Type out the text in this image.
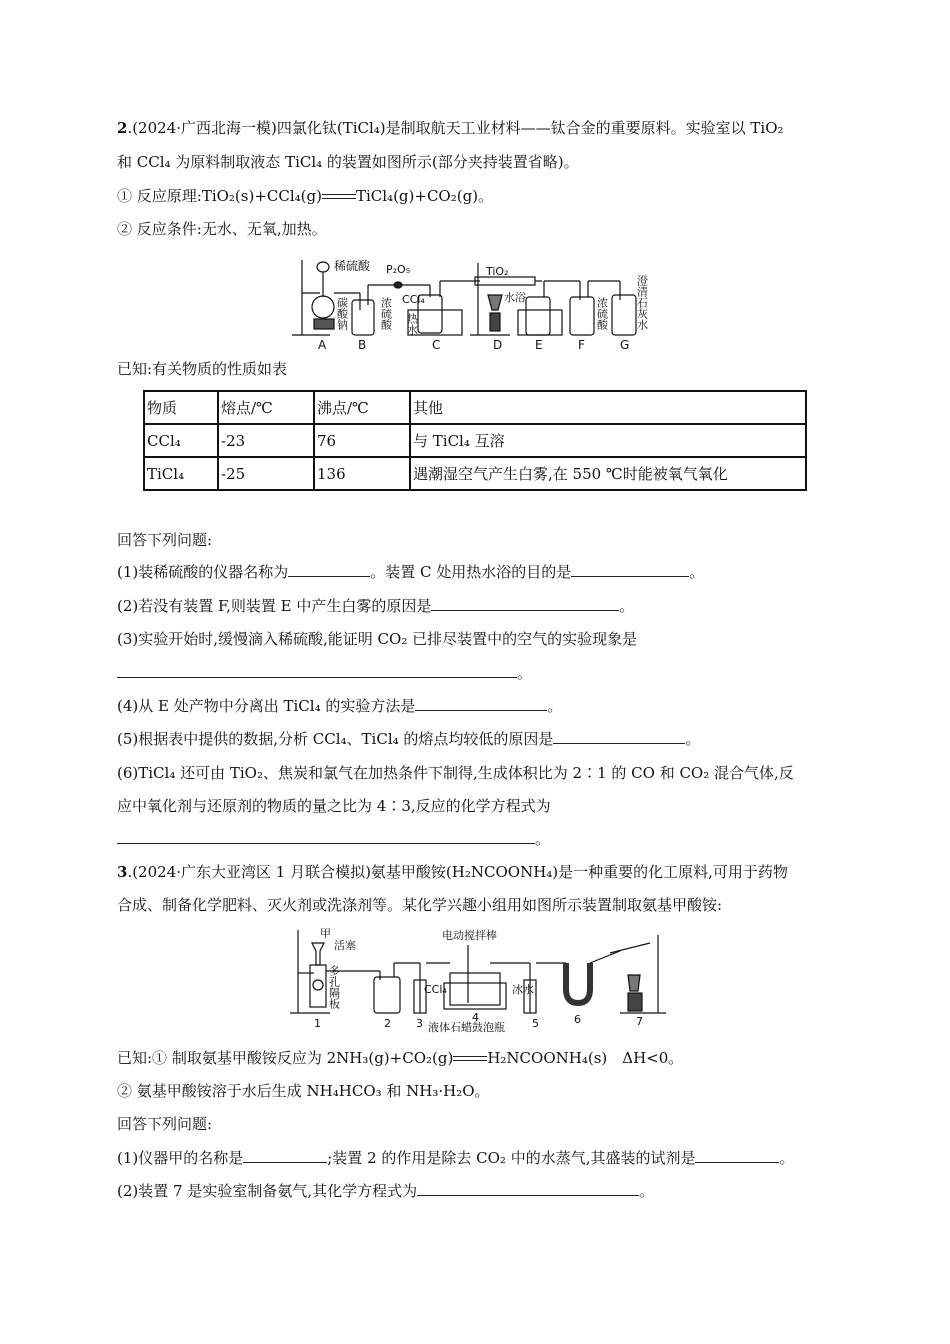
2.(2024·广西北海一模)四氯化钛(TiCl₄)是制取航天工业材料——钛合金的重要原料。实验室以 TiO₂
和 CCl₄ 为原料制取液态 TiCl₄ 的装置如图所示(部分夹持装置省略)。
① 反应原理:TiO₂(s)+CCl₄(g) TiCl₄(g)+CO₂(g)。
② 反应条件:无水、无氧,加热。
稀硫酸 P₂O₅	TiO₂
澄清石灰水
碳酸钠	浓硫酸 CCl₄
热水
水浴	浓硫酸
A	B	C	D	E	F	G
已知:有关物质的性质如表
物质	熔点/℃	沸点/℃	其他
CCl₄	-23	76	与 TiCl₄ 互溶
TiCl₄	-25	136	遇潮湿空气产生白雾,在 550 ℃时能被氧气氧化
回答下列问题:
(1)装稀硫酸的仪器名称为	。装置 C 处用热水浴的目的是	。
(2)若没有装置 F,则装置 E 中产生白雾的原因是	。
(3)实验开始时,缓慢滴入稀硫酸,能证明 CO₂ 已排尽装置中的空气的实验现象是
。
(4)从 E 处产物中分离出 TiCl₄ 的实验方法是	。
(5)根据表中提供的数据,分析 CCl₄、TiCl₄ 的熔点均较低的原因是	。
(6)TiCl₄ 还可由 TiO₂、焦炭和氯气在加热条件下制得,生成体积比为 2∶1 的 CO 和 CO₂ 混合气体,反
应中氧化剂与还原剂的物质的量之比为 4∶3,反应的化学方程式为
。
3.(2024·广东大亚湾区 1 月联合模拟)氨基甲酸铵(H₂NCOONH₄)是一种重要的化工原料,可用于药物
合成、制备化学肥料、灭火剂或洗涤剂等。某化学兴趣小组用如图所示装置制取氨基甲酸铵:
甲
活塞
多孔隔板
电动搅拌棒
CCl₄	冰水
液体石蜡鼓泡瓶
1	2 3	4	5	6	7
已知:① 制取氨基甲酸铵反应为 2NH₃(g)+CO₂(g) H₂NCOONH₄(s)　ΔH<0。
② 氨基甲酸铵溶于水后生成 NH₄HCO₃ 和 NH₃·H₂O。
回答下列问题:
(1)仪器甲的名称是	;装置 2 的作用是除去 CO₂ 中的水蒸气,其盛装的试剂是	。
(2)装置 7 是实验室制备氨气,其化学方程式为	。
